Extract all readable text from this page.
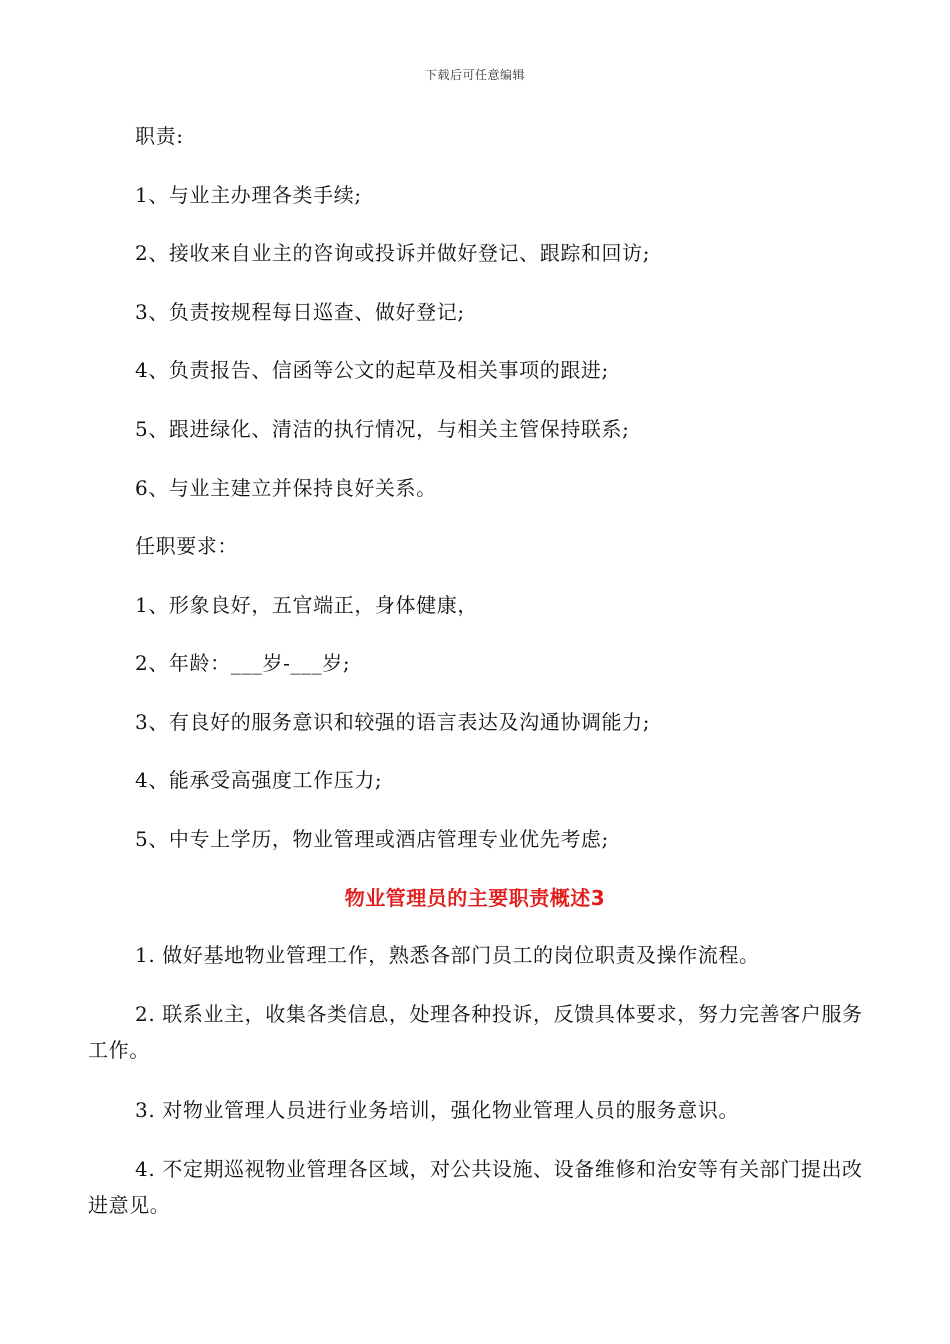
下载后可任意编辑
职责:
1、与业主办理各类手续;
2、接收来自业主的咨询或投诉并做好登记、跟踪和回访;
3、负责按规程每日巡查、做好登记;
4、负责报告、信函等公文的起草及相关事项的跟进;
5、跟进绿化、清洁的执行情况，与相关主管保持联系;
6、与业主建立并保持良好关系。
任职要求：
1、形象良好，五官端正，身体健康，
2、年龄：___岁-___岁;
3、有良好的服务意识和较强的语言表达及沟通协调能力;
4、能承受高强度工作压力;
5、中专上学历，物业管理或酒店管理专业优先考虑;
物业管理员的主要职责概述3
1. 做好基地物业管理工作，熟悉各部门员工的岗位职责及操作流程。
2. 联系业主，收集各类信息，处理各种投诉，反馈具体要求，努力完善客户服务工作。
3. 对物业管理人员进行业务培训，强化物业管理人员的服务意识。
4. 不定期巡视物业管理各区域，对公共设施、设备维修和治安等有关部门提出改进意见。
